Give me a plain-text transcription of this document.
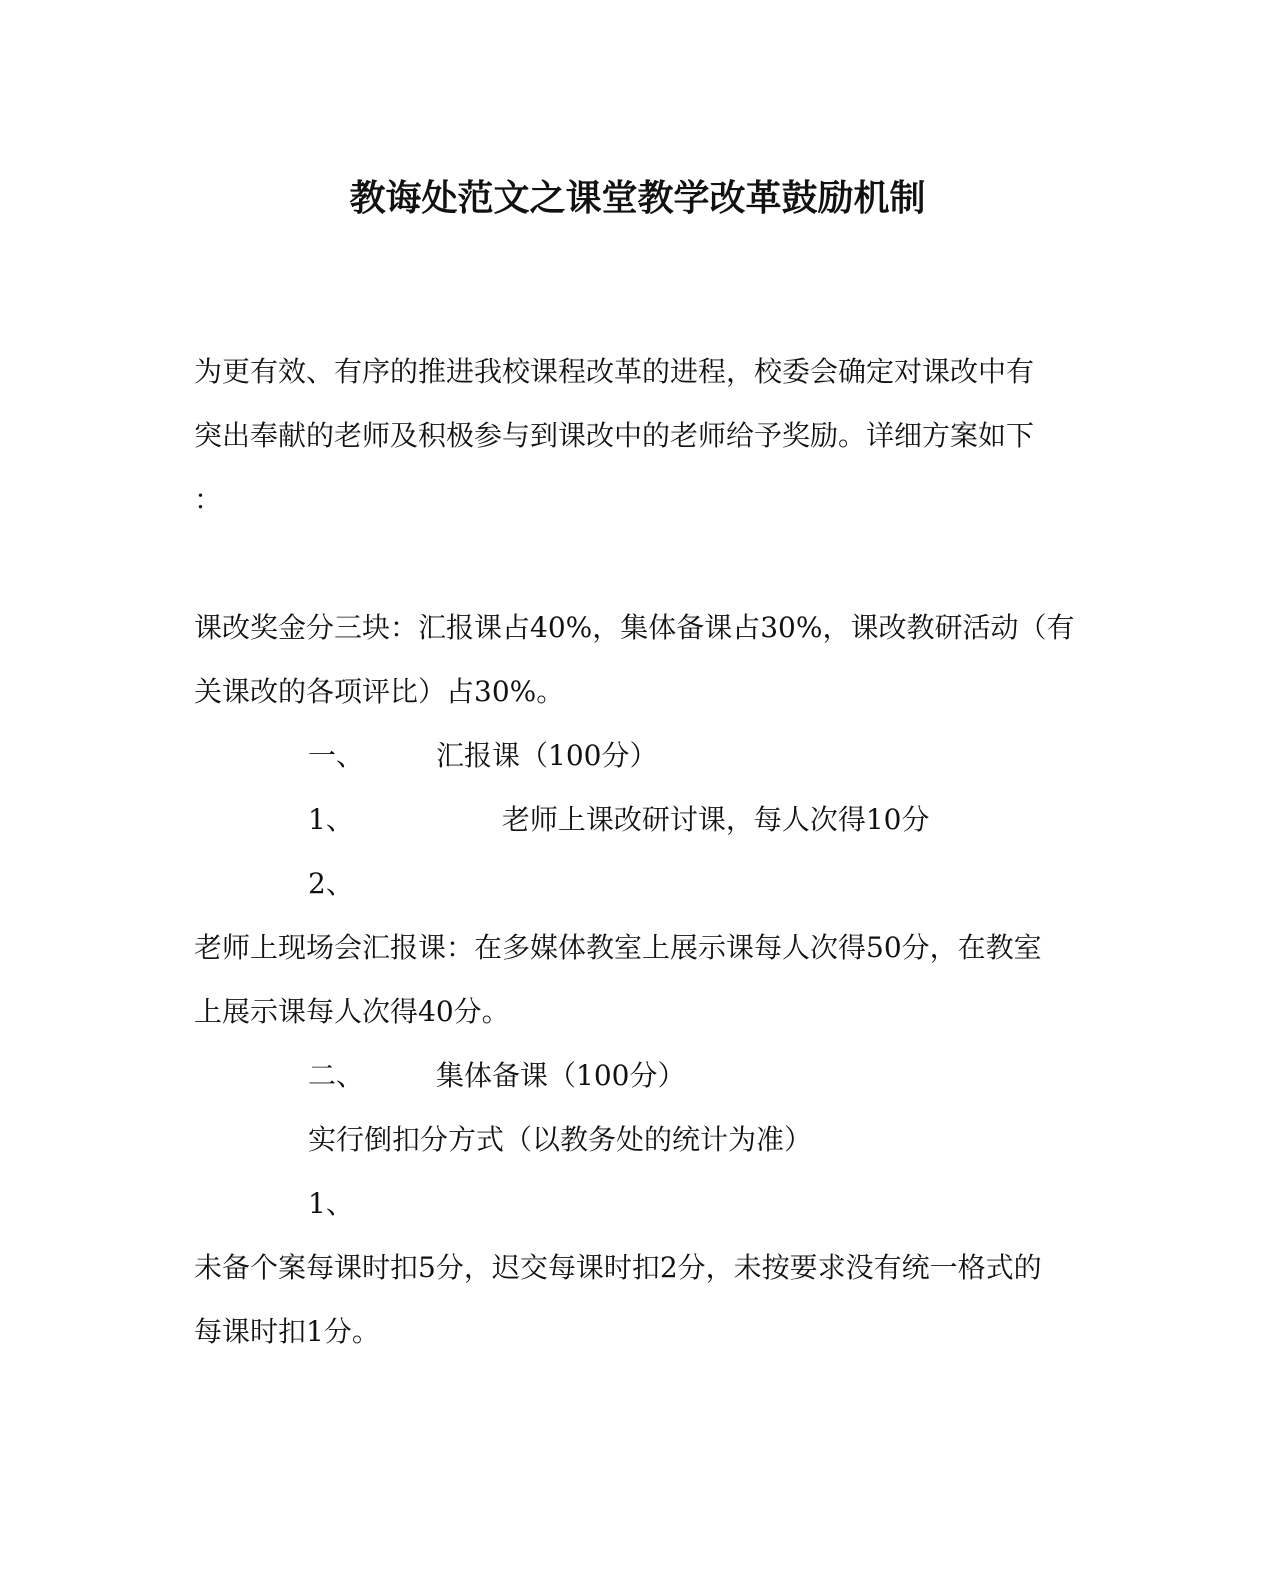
教诲处范文之课堂教学改革鼓励机制
为更有效、有序的推进我校课程改革的进程，校委会确定对课改中有
突出奉献的老师及积极参与到课改中的老师给予奖励。详细方案如下
：
课改奖金分三块：汇报课占40%，集体备课占30%，课改教研活动（有
关课改的各项评比）占30%。
一、	汇报课（100分）
1、	老师上课改研讨课，每人次得10分
2、
老师上现场会汇报课：在多媒体教室上展示课每人次得50分，在教室
上展示课每人次得40分。
二、	集体备课（100分）
实行倒扣分方式（以教务处的统计为准）
1、
未备个案每课时扣5分，迟交每课时扣2分，未按要求没有统一格式的
每课时扣1分。
